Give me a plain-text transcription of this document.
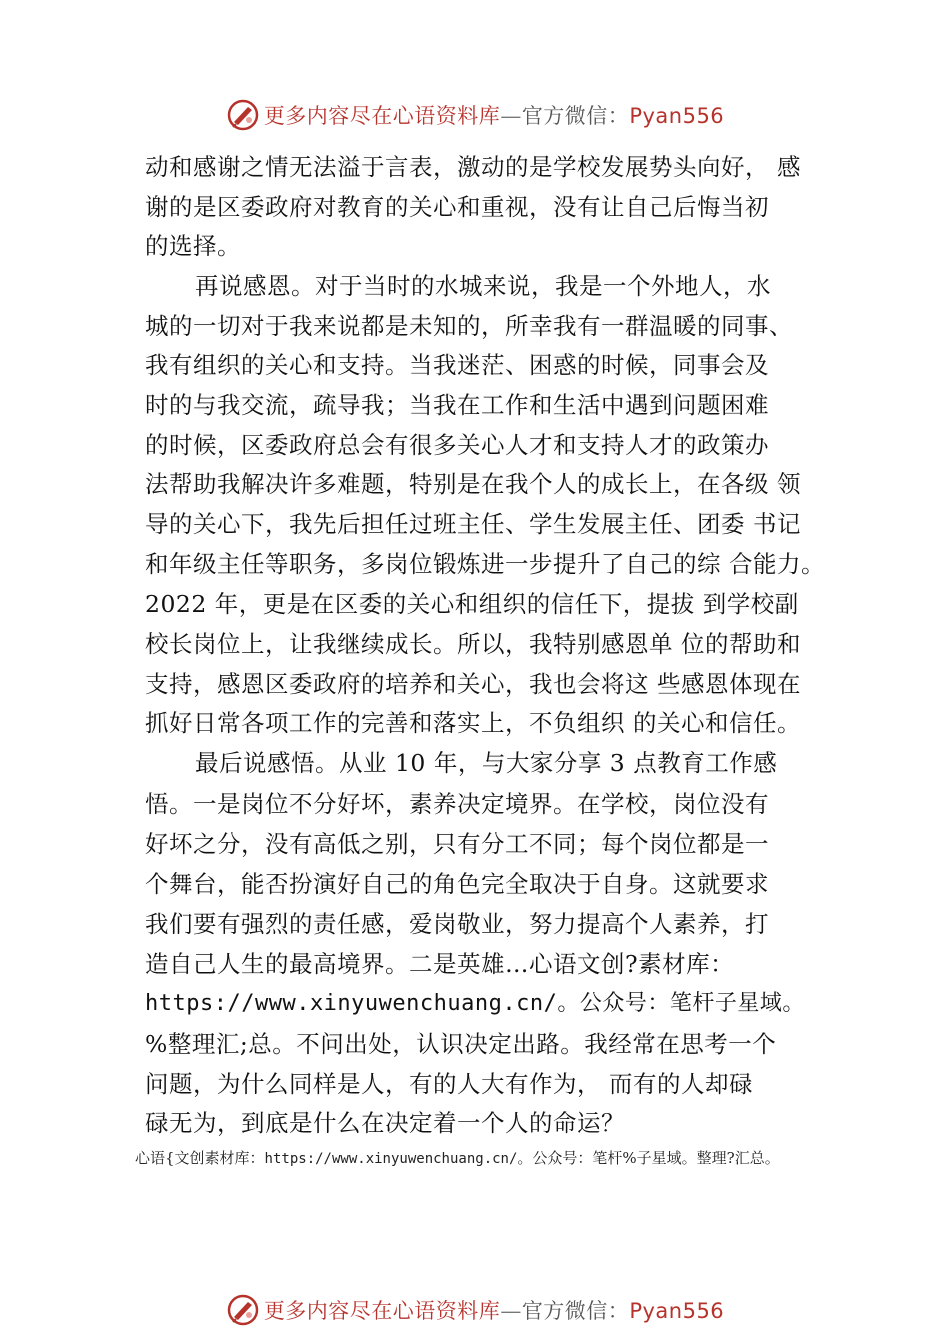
更多内容尽在心语资料库—官方微信：Pyan556
动和感谢之情无法溢于言表，激动的是学校发展势头向好， 感
谢的是区委政府对教育的关心和重视，没有让自己后悔当初
的选择。
再说感恩。对于当时的水城来说，我是一个外地人，水
城的一切对于我来说都是未知的，所幸我有一群温暖的同事、
我有组织的关心和支持。当我迷茫、困惑的时候，同事会及
时的与我交流，疏导我；当我在工作和生活中遇到问题困难
的时候，区委政府总会有很多关心人才和支持人才的政策办
法帮助我解决许多难题，特别是在我个人的成长上，在各级 领
导的关心下，我先后担任过班主任、学生发展主任、团委 书记
和年级主任等职务，多岗位锻炼进一步提升了自己的综 合能力。
2022 年，更是在区委的关心和组织的信任下，提拔 到学校副
校长岗位上，让我继续成长。所以，我特别感恩单 位的帮助和
支持，感恩区委政府的培养和关心，我也会将这 些感恩体现在
抓好日常各项工作的完善和落实上，不负组织 的关心和信任。
最后说感悟。从业 10 年，与大家分享 3 点教育工作感
悟。一是岗位不分好坏，素养决定境界。在学校，岗位没有
好坏之分，没有高低之别，只有分工不同；每个岗位都是一
个舞台，能否扮演好自己的角色完全取决于自身。这就要求
我们要有强烈的责任感，爱岗敬业，努力提高个人素养，打
造自己人生的最高境界。二是英雄…心语文创?素材库：
https://www.xinyuwenchuang.cn/。公众号：笔杆子星域。
%整理汇;总。不问出处，认识决定出路。我经常在思考一个
问题，为什么同样是人，有的人大有作为， 而有的人却碌
碌无为，到底是什么在决定着一个人的命运？
心语{文创素材库：https://www.xinyuwenchuang.cn/。公众号：笔杆%子星域。整理?汇总。
更多内容尽在心语资料库—官方微信：Pyan556
